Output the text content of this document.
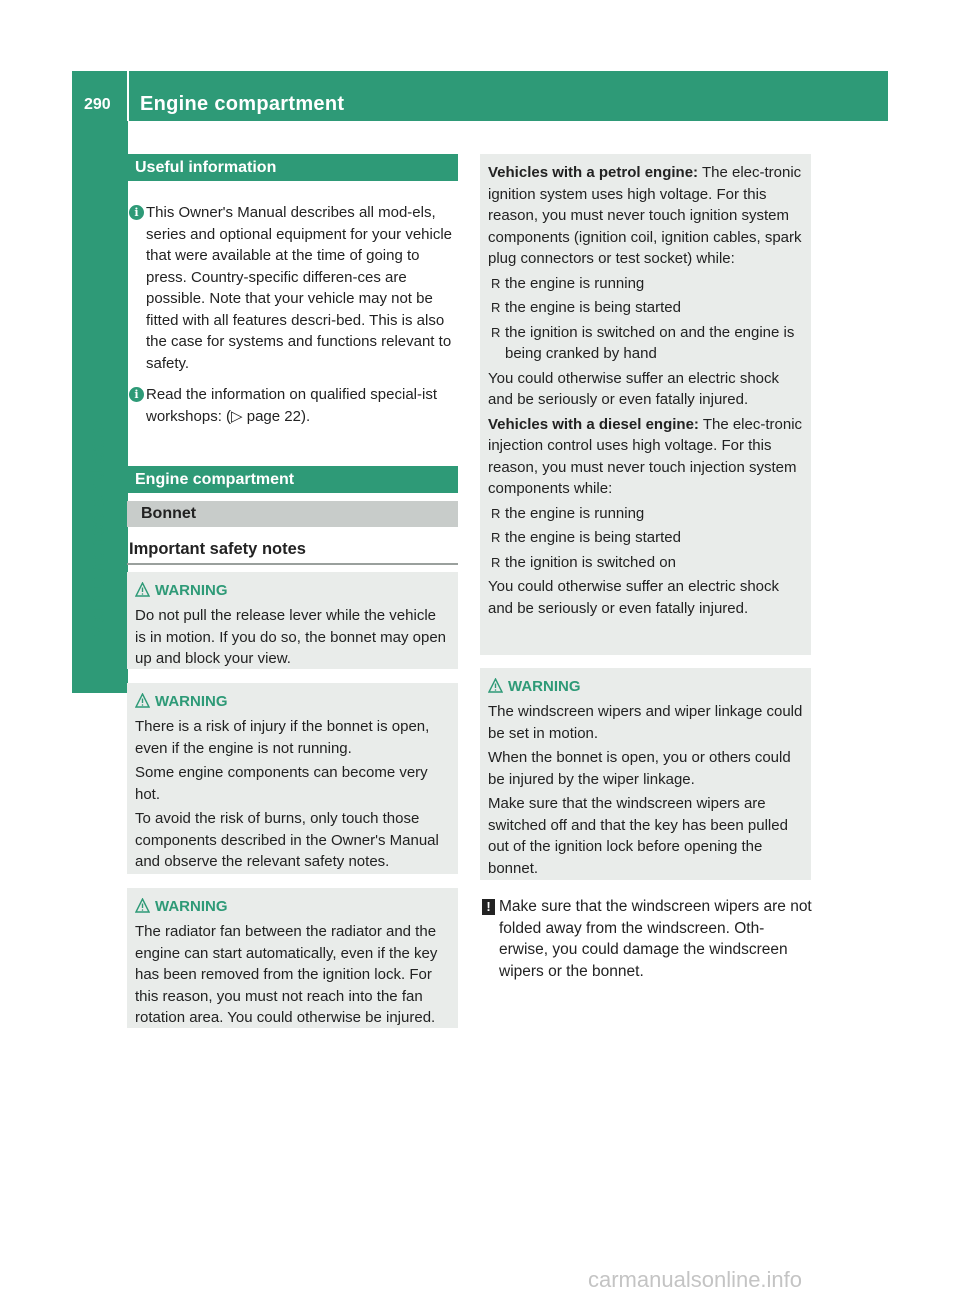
290	Engine compartment
Maintenance and care
Useful information
i This Owner's Manual describes all mod-els, series and optional equipment for your vehicle that were available at the time of going to press. Country-specific differen-ces are possible. Note that your vehicle may not be fitted with all features descri-bed. This is also the case for systems and functions relevant to safety.

i Read the information on qualified special-ist workshops: (▷ page 22).

Engine compartment
Bonnet
Important safety notes
WARNING

Do not pull the release lever while the vehicle is in motion. If you do so, the bonnet may open up and block your view.

WARNING

There is a risk of injury if the bonnet is open, even if the engine is not running.

Some engine components can become very hot.

To avoid the risk of burns, only touch those components described in the Owner's Manual and observe the relevant safety notes.

WARNING

The radiator fan between the radiator and the engine can start automatically, even if the key has been removed from the ignition lock. For this reason, you must not reach into the fan rotation area. You could otherwise be injured.

Vehicles with a petrol engine: The elec-tronic ignition system uses high voltage. For this reason, you must never touch ignition system components (ignition coil, ignition cables, spark plug connectors or test socket) while:

R the engine is running
R the engine is being started
R the ignition is switched on and the engine is being cranked by hand

You could otherwise suffer an electric shock and be seriously or even fatally injured.

Vehicles with a diesel engine: The elec-tronic injection control uses high voltage. For this reason, you must never touch injection system components while:

R the engine is running
R the engine is being started
R the ignition is switched on

You could otherwise suffer an electric shock and be seriously or even fatally injured.

WARNING

The windscreen wipers and wiper linkage could be set in motion.

When the bonnet is open, you or others could be injured by the wiper linkage.

Make sure that the windscreen wipers are switched off and that the key has been pulled out of the ignition lock before opening the bonnet.

! Make sure that the windscreen wipers are not folded away from the windscreen. Oth-erwise, you could damage the windscreen wipers or the bonnet.

carmanualsonline.info
